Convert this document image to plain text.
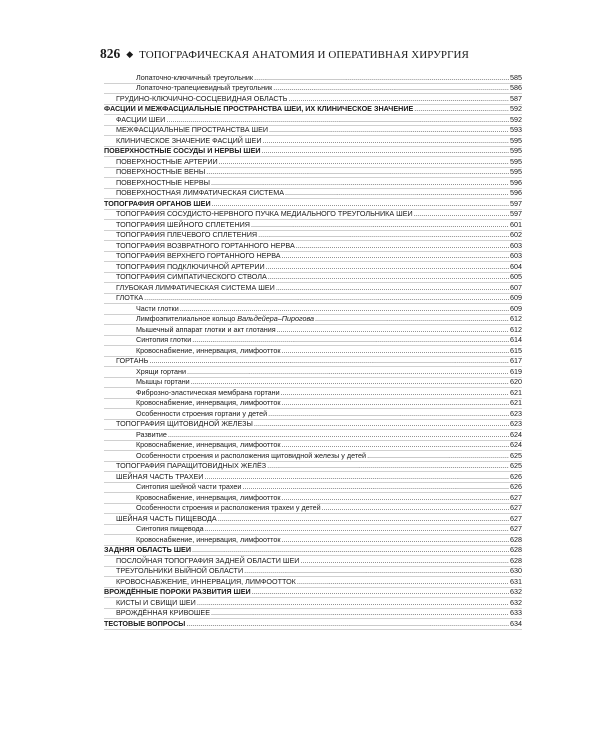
826 ◆ ТОПОГРАФИЧЕСКАЯ АНАТОМИЯ И ОПЕРАТИВНАЯ ХИРУРГИЯ
Лопаточно-ключичный треугольник .....	585
Лопаточно-трапециевидный треугольник .....	586
ГРУДИНО-КЛЮЧИЧНО-СОСЦЕВИДНАЯ ОБЛАСТЬ .....	587
ФАСЦИИ И МЕЖФАСЦИАЛЬНЫЕ ПРОСТРАНСТВА ШЕИ, ИХ КЛИНИЧЕСКОЕ ЗНАЧЕНИЕ .....	592
ФАСЦИИ ШЕИ .....	592
МЕЖФАСЦИАЛЬНЫЕ ПРОСТРАНСТВА ШЕИ .....	593
КЛИНИЧЕСКОЕ ЗНАЧЕНИЕ ФАСЦИЙ ШЕИ .....	595
ПОВЕРХНОСТНЫЕ СОСУДЫ И НЕРВЫ ШЕИ .....	595
ПОВЕРХНОСТНЫЕ АРТЕРИИ .....	595
ПОВЕРХНОСТНЫЕ ВЕНЫ .....	595
ПОВЕРХНОСТНЫЕ НЕРВЫ .....	596
ПОВЕРХНОСТНАЯ ЛИМФАТИЧЕСКАЯ СИСТЕМА .....	596
ТОПОГРАФИЯ ОРГАНОВ ШЕИ .....	597
ТОПОГРАФИЯ СОСУДИСТО-НЕРВНОГО ПУЧКА МЕДИАЛЬНОГО ТРЕУГОЛЬНИКА ШЕИ .....	597
ТОПОГРАФИЯ ШЕЙНОГО СПЛЕТЕНИЯ .....	601
ТОПОГРАФИЯ ПЛЕЧЕВОГО СПЛЕТЕНИЯ .....	602
ТОПОГРАФИЯ ВОЗВРАТНОГО ГОРТАННОГО НЕРВА .....	603
ТОПОГРАФИЯ ВЕРХНЕГО ГОРТАННОГО НЕРВА .....	603
ТОПОГРАФИЯ ПОДКЛЮЧИЧНОЙ АРТЕРИИ .....	604
ТОПОГРАФИЯ СИМПАТИЧЕСКОГО СТВОЛА .....	605
ГЛУБОКАЯ ЛИМФАТИЧЕСКАЯ СИСТЕМА ШЕИ .....	607
ГЛОТКА .....	609
Части глотки .....	609
Лимфоэпителиальное кольцо Вальдейера–Пирогова .....	612
Мышечный аппарат глотки и акт глотания .....	612
Синтопия глотки .....	614
Кровоснабжение, иннервация, лимфоотток .....	615
ГОРТАНЬ .....	617
Хрящи гортани .....	619
Мышцы гортани .....	620
Фиброзно-эластическая мембрана гортани .....	621
Кровоснабжение, иннервация, лимфоотток .....	621
Особенности строения гортани у детей .....	623
ТОПОГРАФИЯ ЩИТОВИДНОЙ ЖЕЛЕЗЫ .....	623
Развитие .....	624
Кровоснабжение, иннервация, лимфоотток .....	624
Особенности строения и расположения щитовидной железы у детей .....	625
ТОПОГРАФИЯ ПАРАЩИТОВИДНЫХ ЖЕЛЁЗ .....	625
ШЕЙНАЯ ЧАСТЬ ТРАХЕИ .....	626
Синтопия шейной части трахеи .....	626
Кровоснабжение, иннервация, лимфоотток .....	627
Особенности строения и расположения трахеи у детей .....	627
ШЕЙНАЯ ЧАСТЬ ПИЩЕВОДА .....	627
Синтопия пищевода .....	627
Кровоснабжение, иннервация, лимфоотток .....	628
ЗАДНЯЯ ОБЛАСТЬ ШЕИ .....	628
ПОСЛОЙНАЯ ТОПОГРАФИЯ ЗАДНЕЙ ОБЛАСТИ ШЕИ .....	628
ТРЕУГОЛЬНИКИ ВЫЙНОЙ ОБЛАСТИ .....	630
КРОВОСНАБЖЕНИЕ, ИННЕРВАЦИЯ, ЛИМФООТТОК .....	631
ВРОЖДЁННЫЕ ПОРОКИ РАЗВИТИЯ ШЕИ .....	632
КИСТЫ И СВИЩИ ШЕИ .....	632
ВРОЖДЁННАЯ КРИВОШЕЕ .....	633
ТЕСТОВЫЕ ВОПРОСЫ .....	634
